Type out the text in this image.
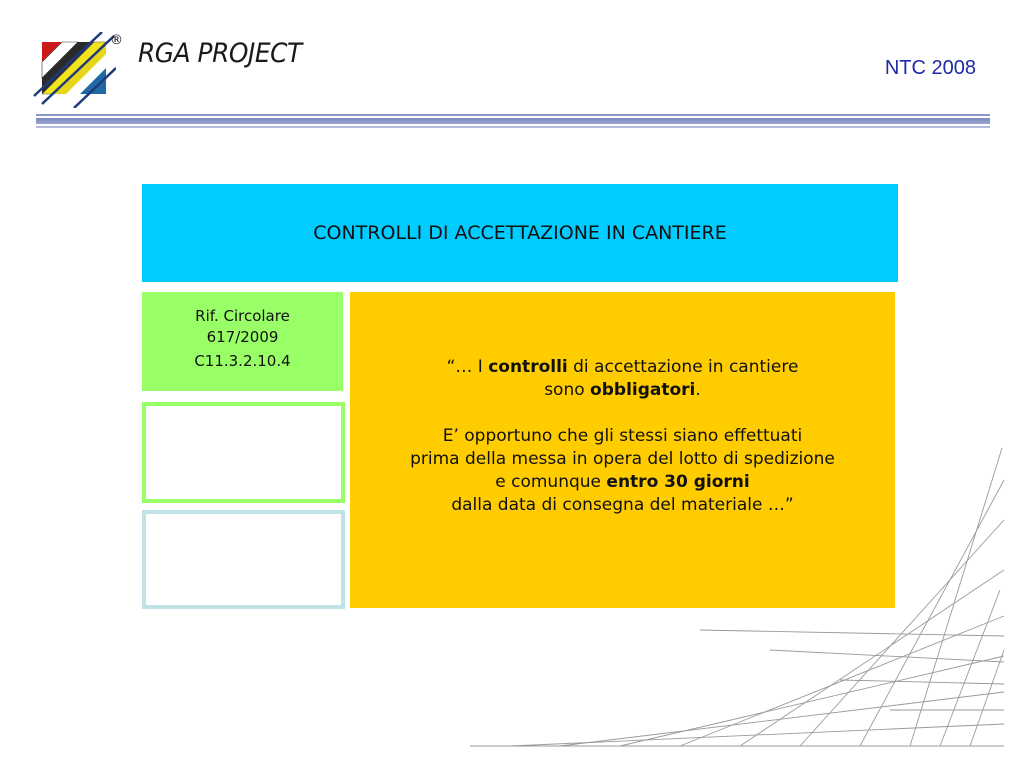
® RGA PROJECT	NTC 2008
CONTROLLI DI ACCETTAZIONE IN CANTIERE
Rif. Circolare
617/2009
C11.3.2.10.4	“… I controlli di accettazione in cantiere
sono obbligatori.
E’ opportuno che gli stessi siano effettuati
prima della messa in opera del lotto di spedizione
e comunque entro 30 giorni
dalla data di consegna del materiale …”
